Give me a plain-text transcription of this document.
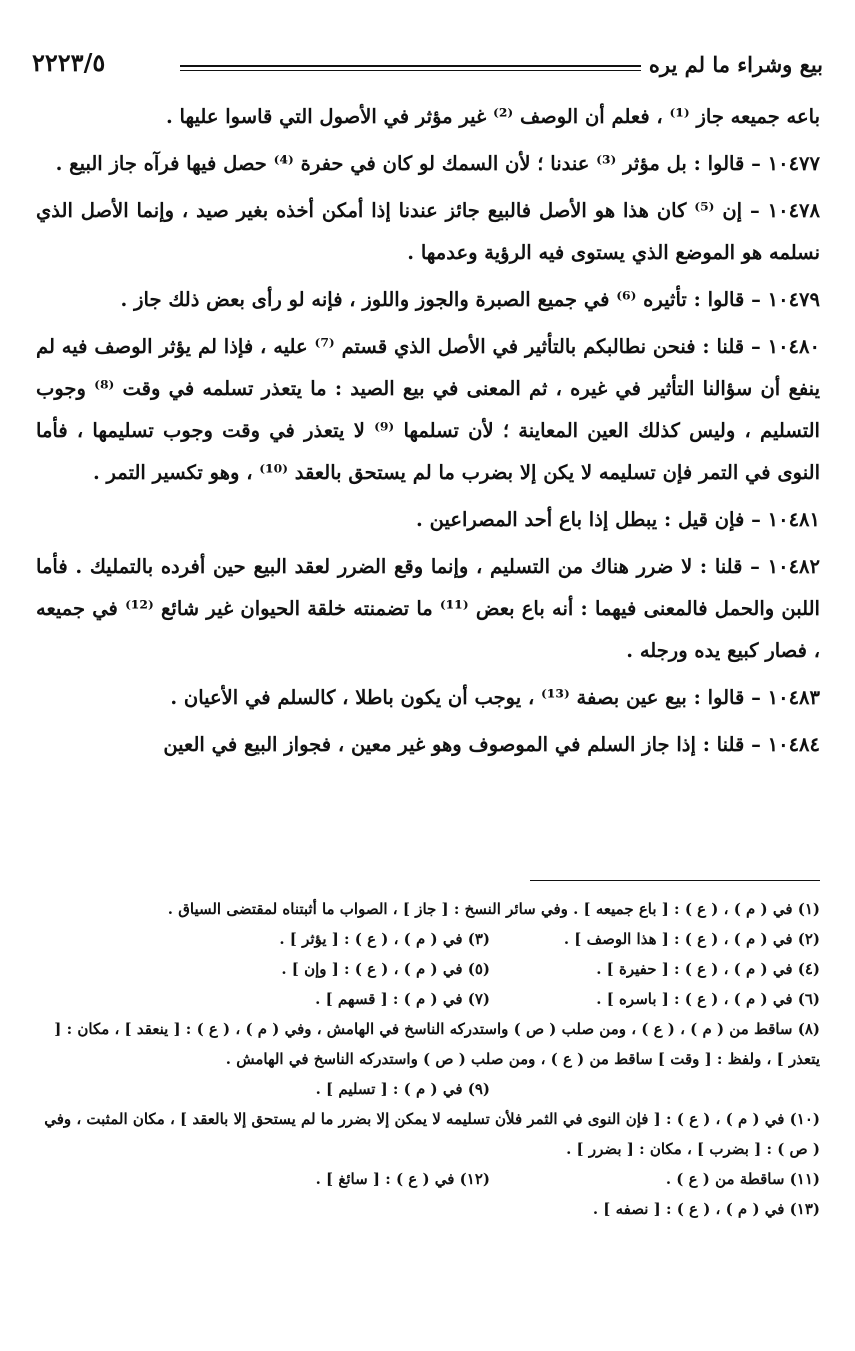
بيع وشراء ما لم يره
٢٢٢٣/٥

باعه جميعه جاز ⁽¹⁾ ، فعلم أن الوصف ⁽²⁾ غير مؤثر في الأصول التي قاسوا عليها .

١٠٤٧٧ – قالوا : بل مؤثر ⁽³⁾ عندنا ؛ لأن السمك لو كان في حفرة ⁽⁴⁾ حصل فيها فرآه جاز البيع .

١٠٤٧٨ – إن ⁽⁵⁾ كان هذا هو الأصل فالبيع جائز عندنا إذا أمكن أخذه بغير صيد ، وإنما الأصل الذي نسلمه هو الموضع الذي يستوى فيه الرؤية وعدمها .

١٠٤٧٩ – قالوا : تأثيره ⁽⁶⁾ في جميع الصبرة والجوز واللوز ، فإنه لو رأى بعض ذلك جاز .

١٠٤٨٠ – قلنا : فنحن نطالبكم بالتأثير في الأصل الذي قستم ⁽⁷⁾ عليه ، فإذا لم يؤثر الوصف فيه لم ينفع أن سؤالنا التأثير في غيره ، ثم المعنى في بيع الصيد : ما يتعذر تسلمه في وقت ⁽⁸⁾ وجوب التسليم ، وليس كذلك العين المعاينة ؛ لأن تسلمها ⁽⁹⁾ لا يتعذر في وقت وجوب تسليمها ، فأما النوى في التمر فإن تسليمه لا يكن إلا بضرب ما لم يستحق بالعقد ⁽¹⁰⁾ ، وهو تكسير التمر .

١٠٤٨١ – فإن قيل : يبطل إذا باع أحد المصراعين .

١٠٤٨٢ – قلنا : لا ضرر هناك من التسليم ، وإنما وقع الضرر لعقد البيع حين أفرده بالتمليك . فأما اللبن والحمل فالمعنى فيهما : أنه باع بعض ⁽¹¹⁾ ما تضمنته خلقة الحيوان غير شائع ⁽¹²⁾ في جميعه ، فصار كبيع يده ورجله .

١٠٤٨٣ – قالوا : بيع عين بصفة ⁽¹³⁾ ، يوجب أن يكون باطلا ، كالسلم في الأعيان .

١٠٤٨٤ – قلنا : إذا جاز السلم في الموصوف وهو غير معين ، فجواز البيع في العين

(١) في ( م ) ، ( ع ) : [ باع جميعه ] . وفي سائر النسخ : [ جاز ] ، الصواب ما أثبتناه لمقتضى السياق .

(٢) في ( م ) ، ( ع ) : [ هذا الوصف ] .
(٣) في ( م ) ، ( ع ) : [ يؤثر ] .
(٤) في ( م ) ، ( ع ) : [ حفيرة ] .
(٥) في ( م ) ، ( ع ) : [ وإن ] .
(٦) في ( م ) ، ( ع ) : [ باسره ] .
(٧) في ( م ) : [ قسهم ] .

(٨) ساقط من ( م ) ، ( ع ) ، ومن صلب ( ص ) واستدركه الناسخ في الهامش ، وفي ( م ) ، ( ع ) : [ ينعقد ] ، مكان : [ يتعذر ] ، ولفظ : [ وقت ] ساقط من ( ع ) ، ومن صلب ( ص ) واستدركه الناسخ في الهامش .

(٩) في ( م ) : [ تسليم ] .

(١٠) في ( م ) ، ( ع ) : [ فإن النوى في الثمر فلأن تسليمه لا يمكن إلا بضرر ما لم يستحق إلا بالعقد ] ، مكان المثبت ، وفي ( ص ) : [ بضرب ] ، مكان : [ بضرر ] .

(١١) ساقطة من ( ع ) .
(١٢) في ( ع ) : [ سائغ ] .

(١٣) في ( م ) ، ( ع ) : [ نصفه ] .
